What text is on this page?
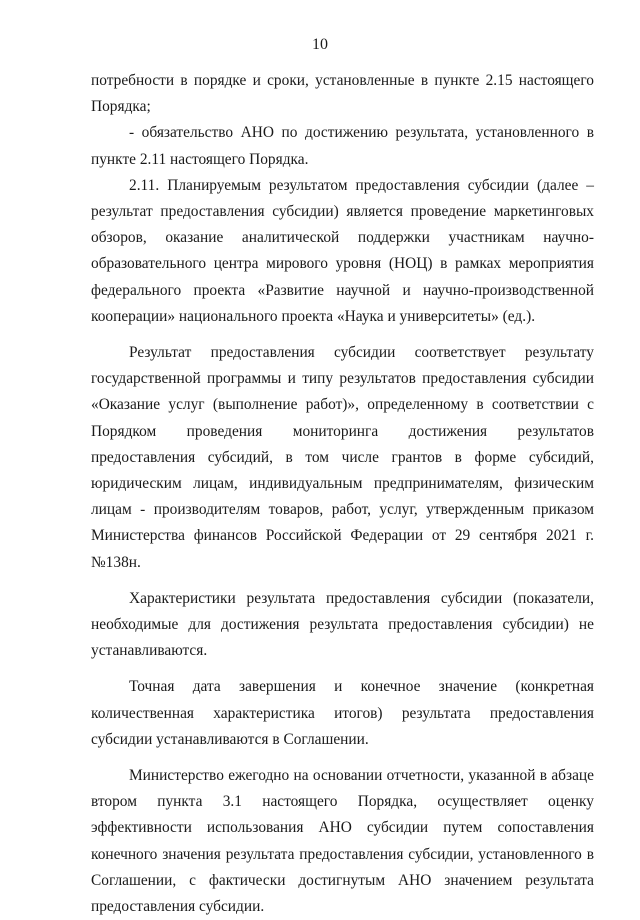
10

потребности в порядке и сроки, установленные в пункте 2.15 настоящего Порядка;

- обязательство АНО по достижению результата, установленного в пункте 2.11 настоящего Порядка.

2.11. Планируемым результатом предоставления субсидии (далее – результат предоставления субсидии) является проведение маркетинговых обзоров, оказание аналитической поддержки участникам научно-образовательного центра мирового уровня (НОЦ) в рамках мероприятия федерального проекта «Развитие научной и научно-производственной кооперации» национального проекта «Наука и университеты» (ед.).

Результат предоставления субсидии соответствует результату государственной программы и типу результатов предоставления субсидии «Оказание услуг (выполнение работ)», определенному в соответствии с Порядком проведения мониторинга достижения результатов предоставления субсидий, в том числе грантов в форме субсидий, юридическим лицам, индивидуальным предпринимателям, физическим лицам - производителям товаров, работ, услуг, утвержденным приказом Министерства финансов Российской Федерации от 29 сентября 2021 г. №138н.

Характеристики результата предоставления субсидии (показатели, необходимые для достижения результата предоставления субсидии) не устанавливаются.

Точная дата завершения и конечное значение (конкретная количественная характеристика итогов) результата предоставления субсидии устанавливаются в Соглашении.

Министерство ежегодно на основании отчетности, указанной в абзаце втором пункта 3.1 настоящего Порядка, осуществляет оценку эффективности использования АНО субсидии путем сопоставления конечного значения результата предоставления субсидии, установленного в Соглашении, с фактически достигнутым АНО значением результата предоставления субсидии.
